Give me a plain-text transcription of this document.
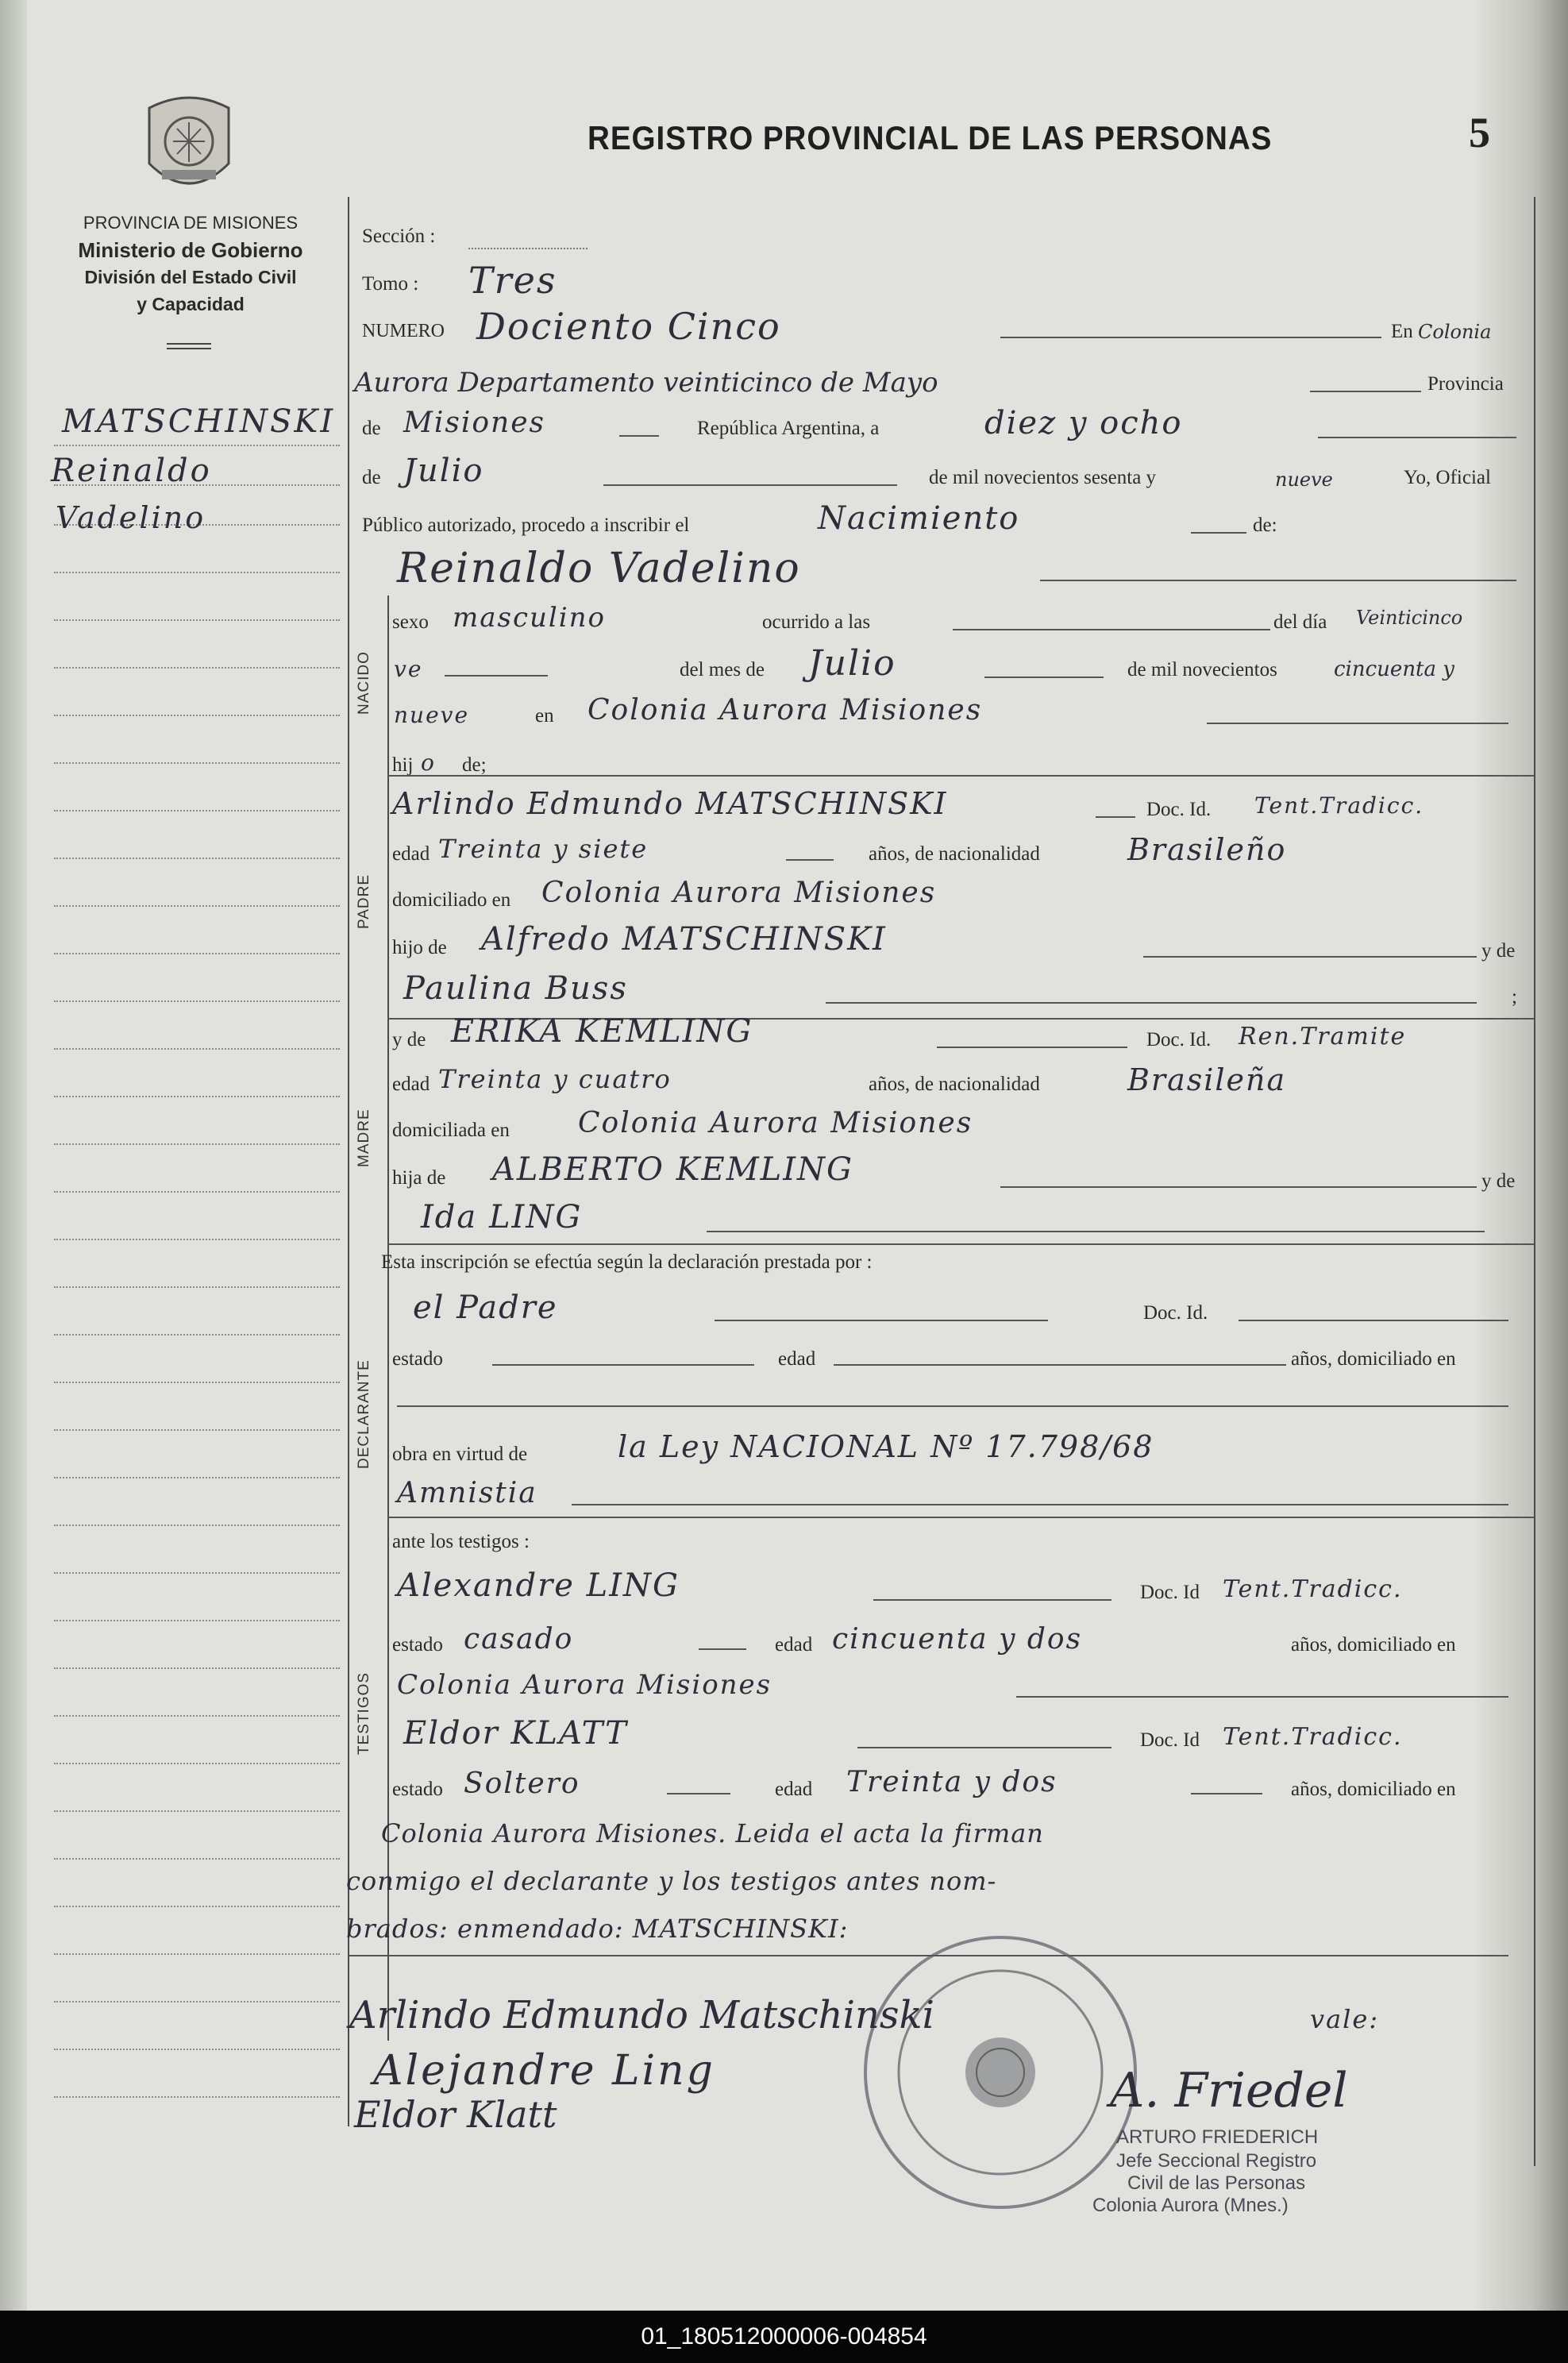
PROVINCIA DE MISIONES
Ministerio de Gobierno
División del Estado Civil
y Capacidad
REGISTRO PROVINCIAL DE LAS PERSONAS	5
MATSCHINSKI
Reinaldo
Vadelino
Sección :
Tomo : Tres
NUMERO Dociento Cinco	En Colonia
Aurora Departamento veinticinco de Mayo	Provincia
de Misiones	República Argentina, a	diez y ocho
de Julio	de mil novecientos sesenta y	nueve	Yo, Oficial
Público autorizado, procedo a inscribir el	Nacimiento	de:
Reinaldo Vadelino
NACIDO
sexo masculino	ocurrido a las	del día Veinticinco
ve	del mes de Julio	de mil novecientos	cincuenta y
nueve	en Colonia Aurora Misiones
hij o de;
PADRE
Arlindo Edmundo MATSCHINSKI	Doc. Id. Tent.Tradicc.
edad Treinta y siete	años, de nacionalidad	Brasileño
domiciliado en Colonia Aurora Misiones
hijo de Alfredo MATSCHINSKI	y de
Paulina Buss	;
MADRE
y de ERIKA KEMLING	Doc. Id. Ren.Tramite
edad Treinta y cuatro	años, de nacionalidad	Brasileña
domiciliada en Colonia Aurora Misiones
hija de ALBERTO KEMLING	y de
Ida LING
Esta inscripción se efectúa según la declaración prestada por :
DECLARANTE
el Padre	Doc. Id.
estado	edad	años, domiciliado en
obra en virtud de	la Ley NACIONAL Nº 17.798/68
Amnistia
ante los testigos :
TESTIGOS
Alexandre LING	Doc. Id Tent.Tradicc.
estado casado	edad cincuenta y dos	años, domiciliado en
Colonia Aurora Misiones
Eldor KLATT	Doc. Id Tent.Tradicc.
estado Soltero	edad Treinta y dos	años, domiciliado en
Colonia Aurora Misiones. Leida el acta la firman
conmigo el declarante y los testigos antes nom-
brados: enmendado: MATSCHINSKI:
Arlindo Edmundo Matschinski	vale:
Alejandre Ling
Eldor Klatt	A. Friedel
ARTURO FRIEDERICH
Jefe Seccional Registro
Civil de las Personas
Colonia Aurora (Mnes.)
01_180512000006-004854
